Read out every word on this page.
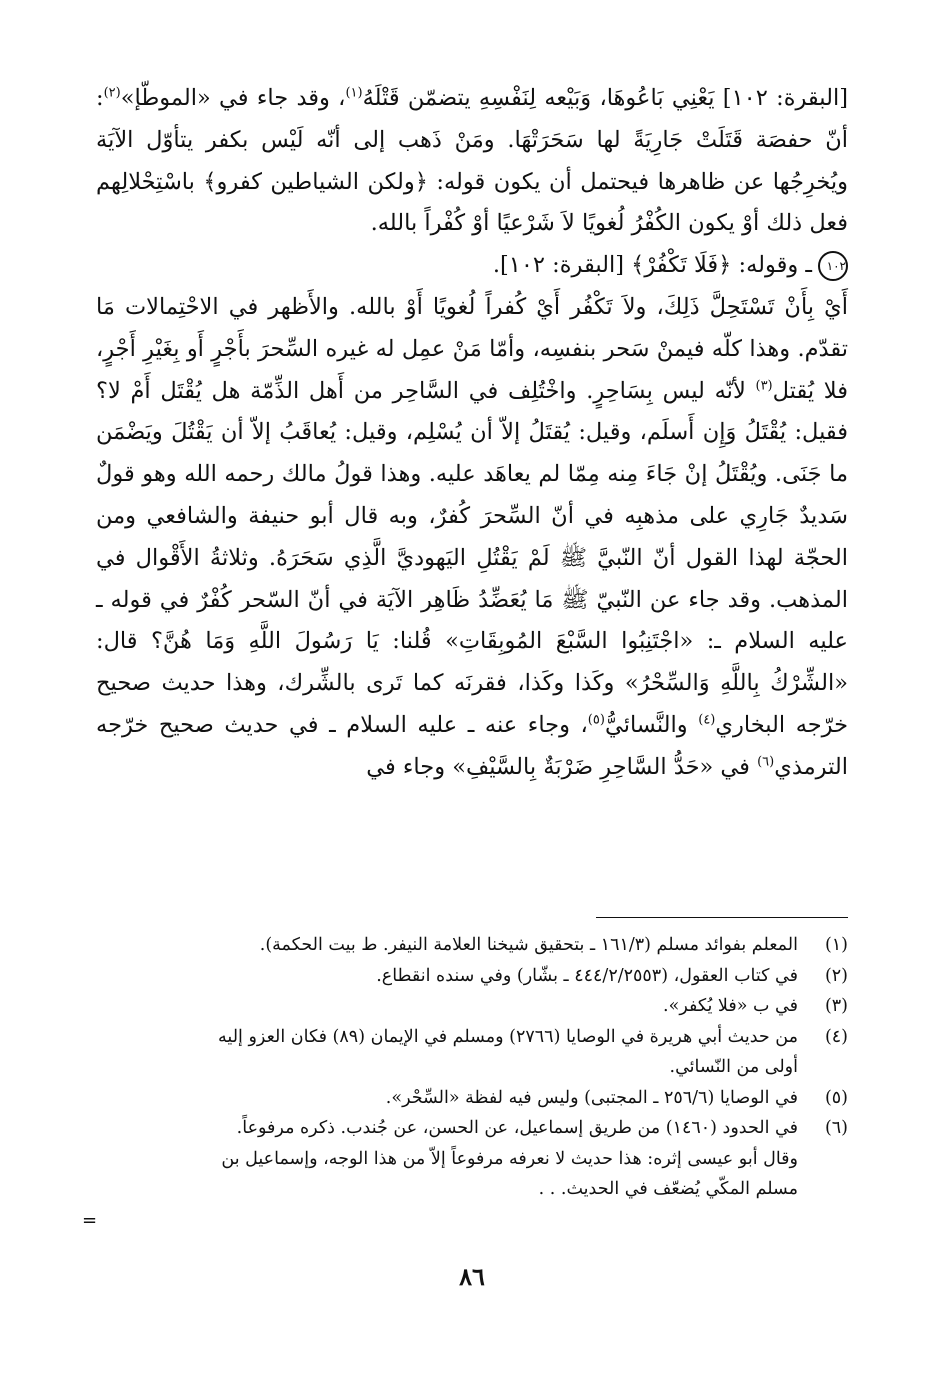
[البقرة: ١٠٢] يَعْنِي بَاعُوهَا، وَبَيْعه لِنَفْسِهِ يتضمّن قَتْلَهُ$^{(١)}$، وقد جاء في «الموطّإ»$^{(٢)}$: أنّ حفصَة قَتَلَتْ جَارِيَةً لها سَحَرَتْهَا. ومَنْ ذَهب إلى أنّه لَيْس بكفر يتأوّل الآيَة ويُخرِجُها عن ظاهرها فيحتمل أن يكون قوله: ﴿ولكن الشياطين كفرو﴾ باسْتِحْلالِهم فعل ذلك أوْ يكون الكُفْرُ لُغويًا لاَ شَرْعيًا أوْ كُفْراً بالله.
١٠٢ـ وقوله: ﴿فَلَا تَكْفُرْ﴾ [البقرة: ١٠٢].
أَيْ بِأَنْ تَسْتَحِلَّ ذَلِكَ، ولاَ تَكْفُر أَيْ كُفراً لُغويًا أَوْ بالله. والأَظهر في الاحْتِمالات مَا تقدّم. وهذا كلّه فيمنْ سَحر بنفسِه، وأمّا مَنْ عمِل له غيره السِّحرَ بأَجْرٍ أَو بِغَيْرِ أَجْرٍ، فلا يُقتل$^{(٣)}$ لأنّه ليس بِسَاحِرٍ. واخْتُلِف في السَّاحِر من أَهل الذِّمّة هل يُقْتَل أَمْ لا؟ فقيل: يُقْتَلُ وَإِن أَسلَم، وقيل: يُقتَلُ إلاّ أن يُسْلِم، وقيل: يُعاقَبُ إلاّ أن يَقْتُلَ ويَضْمَن ما جَنَى. ويُقْتَلُ إنْ جَاءَ مِنه مِمّا لم يعاهَد عليه. وهذا قولُ مالك رحمه الله وهو قولٌ سَديدٌ جَارِي على مذهبِه في أنّ السِّحرَ كُفرٌ، وبه قال أبو حنيفة والشافعي ومن الحجّة لهذا القول أنّ النّبيَّ ﷺ لَمْ يَقْتُلِ اليَهوديَّ الَّذِي سَحَرَهُ. وثلاثةُ الأَقْوال في المذهب. وقد جاء عن النّبيّ ﷺ مَا يُعَضِّدُ ظَاهِر الآيَة في أنّ السّحر كُفْرٌ في قوله ـ عليه السلام ـ: «اجْتَنِبُوا السَّبْعَ المُوبِقَاتِ» قُلنا: يَا رَسُولَ اللَّهِ وَمَا هُنَّ؟ قال: «الشِّرْكُ بِاللَّهِ وَالسِّحْرُ» وكَذا وكَذا، فقرنَه كما تَرى بالشِّرك، وهذا حديث صحيح خرّجه البخاري$^{(٤)}$ والنَّسائيُّ$^{(٥)}$، وجاء عنه ـ عليه السلام ـ في حديث صحيح خرّجه الترمذي$^{(٦)}$ في «حَدُّ السَّاحِرِ ضَرْبَةٌ بِالسَّيْفِ» وجاء في

(١)
المعلم بفوائد مسلم (١٦١/٣ ـ بتحقيق شيخنا العلامة النيفر. ط بيت الحكمة).
(٢)
في كتاب العقول، (٤٤٤/٢/٢٥٥٣ ـ بشّار) وفي سنده انقطاع.
(٣)
في ب «فلا يُكفر».
(٤)
من حديث أبي هريرة في الوصايا (٢٧٦٦) ومسلم في الإيمان (٨٩) فكان العزو إليه
أولى من النّسائي.
(٥)
في الوصايا (٢٥٦/٦ ـ المجتبى) وليس فيه لفظة «السِّحْر».
(٦)
في الحدود (١٤٦٠) من طريق إسماعيل، عن الحسن، عن جُندب. ذكره مرفوعاً.
وقال أبو عيسى إثره: هذا حديث لا نعرفه مرفوعاً إلاّ من هذا الوجه، وإسماعيل بن
مسلم المكّي يُضعّف في الحديث. . .
=
٨٦
